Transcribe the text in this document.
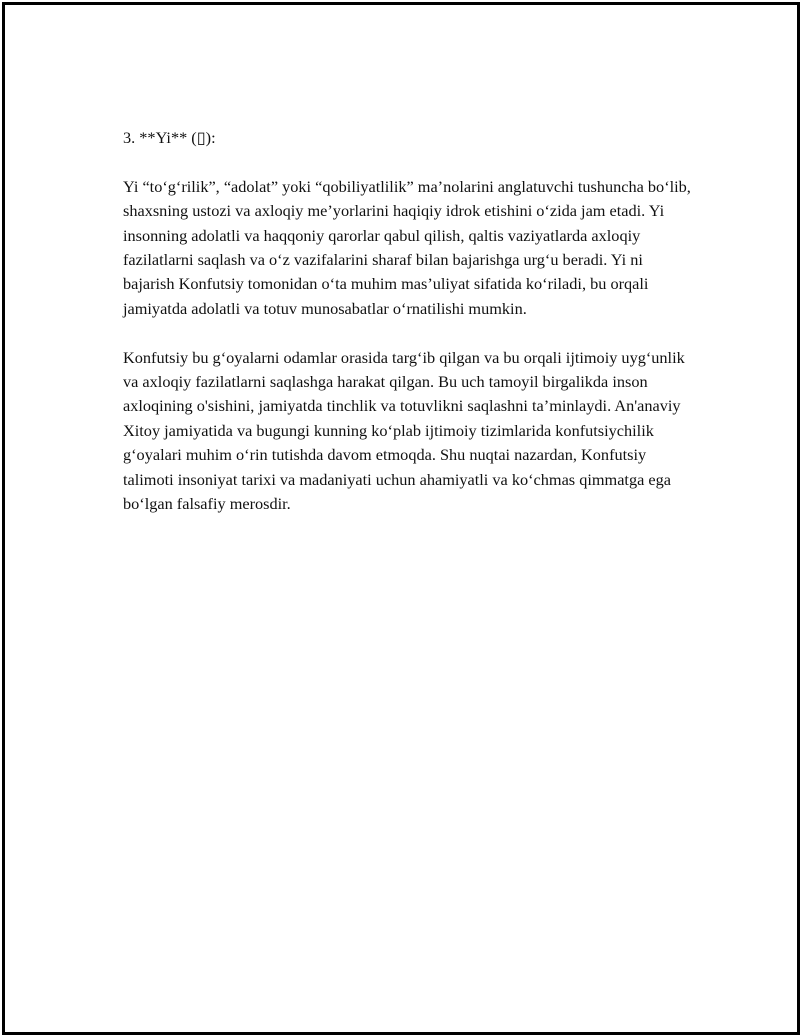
3. **Yi** (▯):

Yi “to‘g‘rilik”, “adolat” yoki “qobiliyatlilik” ma’nolarini anglatuvchi tushuncha bo‘lib, shaxsning ustozi va axloqiy me’yorlarini haqiqiy idrok etishini o‘zida jam etadi. Yi insonning adolatli va haqqoniy qarorlar qabul qilish, qaltis vaziyatlarda axloqiy fazilatlarni saqlash va o‘z vazifalarini sharaf bilan bajarishga urg‘u beradi. Yi ni bajarish Konfutsiy tomonidan o‘ta muhim mas’uliyat sifatida ko‘riladi, bu orqali jamiyatda adolatli va totuv munosabatlar o‘rnatilishi mumkin.

Konfutsiy bu g‘oyalarni odamlar orasida targ‘ib qilgan va bu orqali ijtimoiy uyg‘unlik va axloqiy fazilatlarni saqlashga harakat qilgan. Bu uch tamoyil birgalikda inson axloqining o'sishini, jamiyatda tinchlik va totuvlikni saqlashni ta’minlaydi. An'anaviy Xitoy jamiyatida va bugungi kunning ko‘plab ijtimoiy tizimlarida konfutsiychilik g‘oyalari muhim o‘rin tutishda davom etmoqda. Shu nuqtai nazardan, Konfutsiy talimoti insoniyat tarixi va madaniyati uchun ahamiyatli va ko‘chmas qimmatga ega bo‘lgan falsafiy merosdir.
